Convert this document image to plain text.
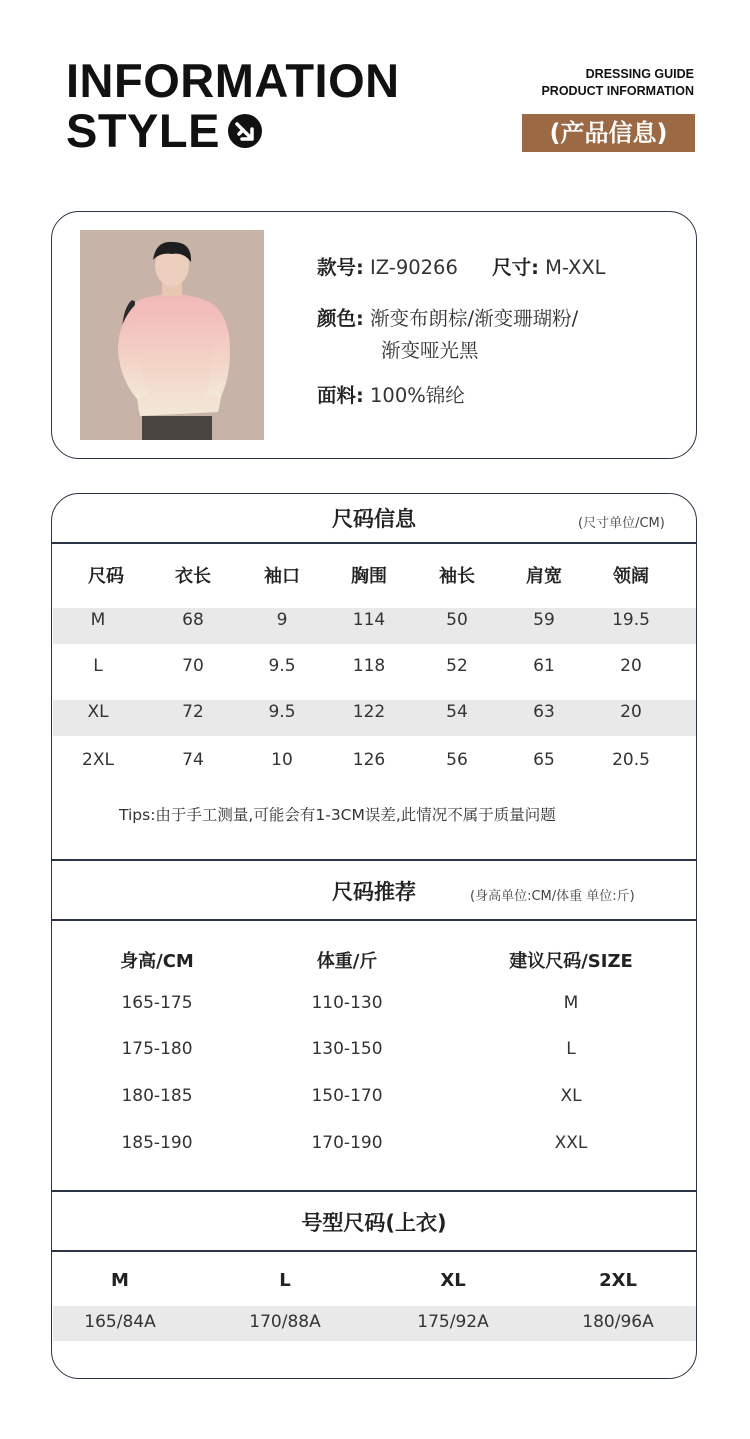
INFORMATION
STYLE
DRESSING GUIDE
PRODUCT INFORMATION
(产品信息)
款号: IZ-90266 尺寸: M-XXL
颜色: 渐变布朗棕/渐变珊瑚粉/
渐变哑光黑
面料: 100%锦纶
尺码信息	(尺寸单位/CM)
尺码	衣长	袖口	胸围	袖长	肩宽	领阔
M	68	9	114	50	59	19.5
L	70	9.5	118	52	61	20
XL	72	9.5	122	54	63	20
2XL	74	10	126	56	65	20.5
Tips:由于手工测量,可能会有1-3CM误差,此情况不属于质量问题
尺码推荐	(身高单位:CM/体重 单位:斤)
身高/CM	体重/斤	建议尺码/SIZE
165-175	110-130	M
175-180	130-150	L
180-185	150-170	XL
185-190	170-190	XXL
号型尺码(上衣)
M	L	XL	2XL
165/84A	170/88A	175/92A	180/96A
